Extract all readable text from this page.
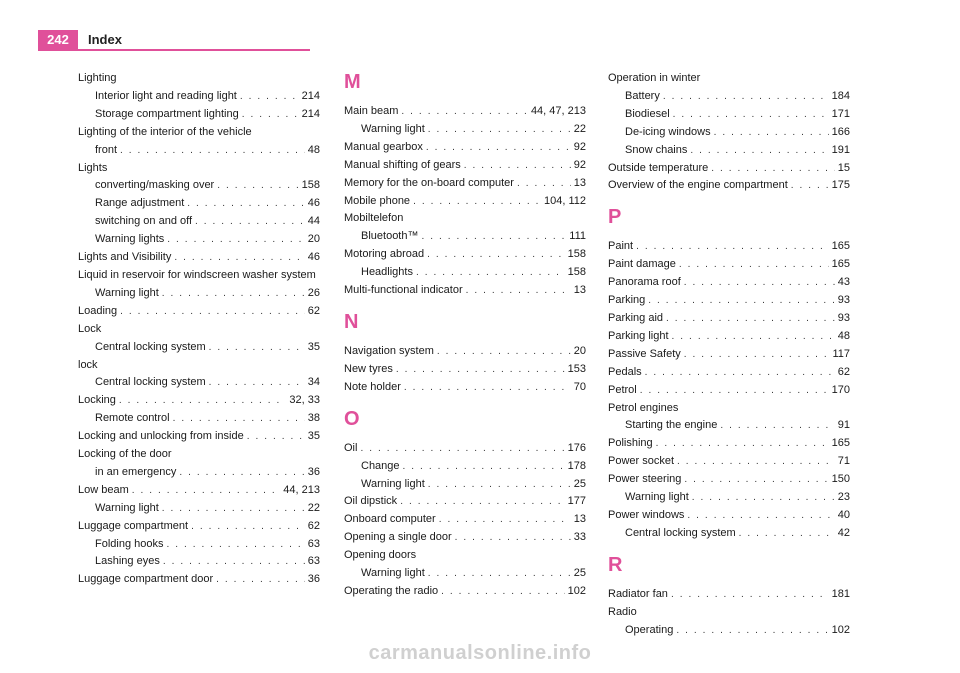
242	Index
Lighting
Interior light and reading light . . .	214
Storage compartment lighting . . .	214
Lighting of the interior of the vehicle
front . . .	48
Lights
converting/masking over . . .	158
Range adjustment . . .	46
switching on and off . . .	44
Warning lights . . .	20
Lights and Visibility . . .	46
Liquid in reservoir for windscreen washer system
Warning light . . .	26
Loading . . .	62
Lock
Central locking system . . .	35
lock
Central locking system . . .	34
Locking . . .	32, 33
Remote control . . .	38
Locking and unlocking from inside . . .	35
Locking of the door
in an emergency . . .	36
Low beam . . .	44, 213
Warning light . . .	22
Luggage compartment . . .	62
Folding hooks . . .	63
Lashing eyes . . .	63
Luggage compartment door . . .	36
M
Main beam . . .	44, 47, 213
Warning light . . .	22
Manual gearbox . . .	92
Manual shifting of gears . . .	92
Memory for the on-board computer . . .	13
Mobile phone . . .	104, 112
Mobiltelefon
Bluetooth™ . . .	111
Motoring abroad . . .	158
Headlights . . .	158
Multi-functional indicator . . .	13
N
Navigation system . . .	20
New tyres . . .	153
Note holder . . .	70
O
Oil . . .	176
Change . . .	178
Warning light . . .	25
Oil dipstick . . .	177
Onboard computer . . .	13
Opening a single door . . .	33
Opening doors
Warning light . . .	25
Operating the radio . . .	102
Operation in winter
Battery . . .	184
Biodiesel . . .	171
De-icing windows . . .	166
Snow chains . . .	191
Outside temperature . . .	15
Overview of the engine compartment . . .	175
P
Paint . . .	165
Paint damage . . .	165
Panorama roof . . .	43
Parking . . .	93
Parking aid . . .	93
Parking light . . .	48
Passive Safety . . .	117
Pedals . . .	62
Petrol . . .	170
Petrol engines
Starting the engine . . .	91
Polishing . . .	165
Power socket . . .	71
Power steering . . .	150
Warning light . . .	23
Power windows . . .	40
Central locking system . . .	42
R
Radiator fan . . .	181
Radio
Operating . . .	102
carmanualsonline.info
